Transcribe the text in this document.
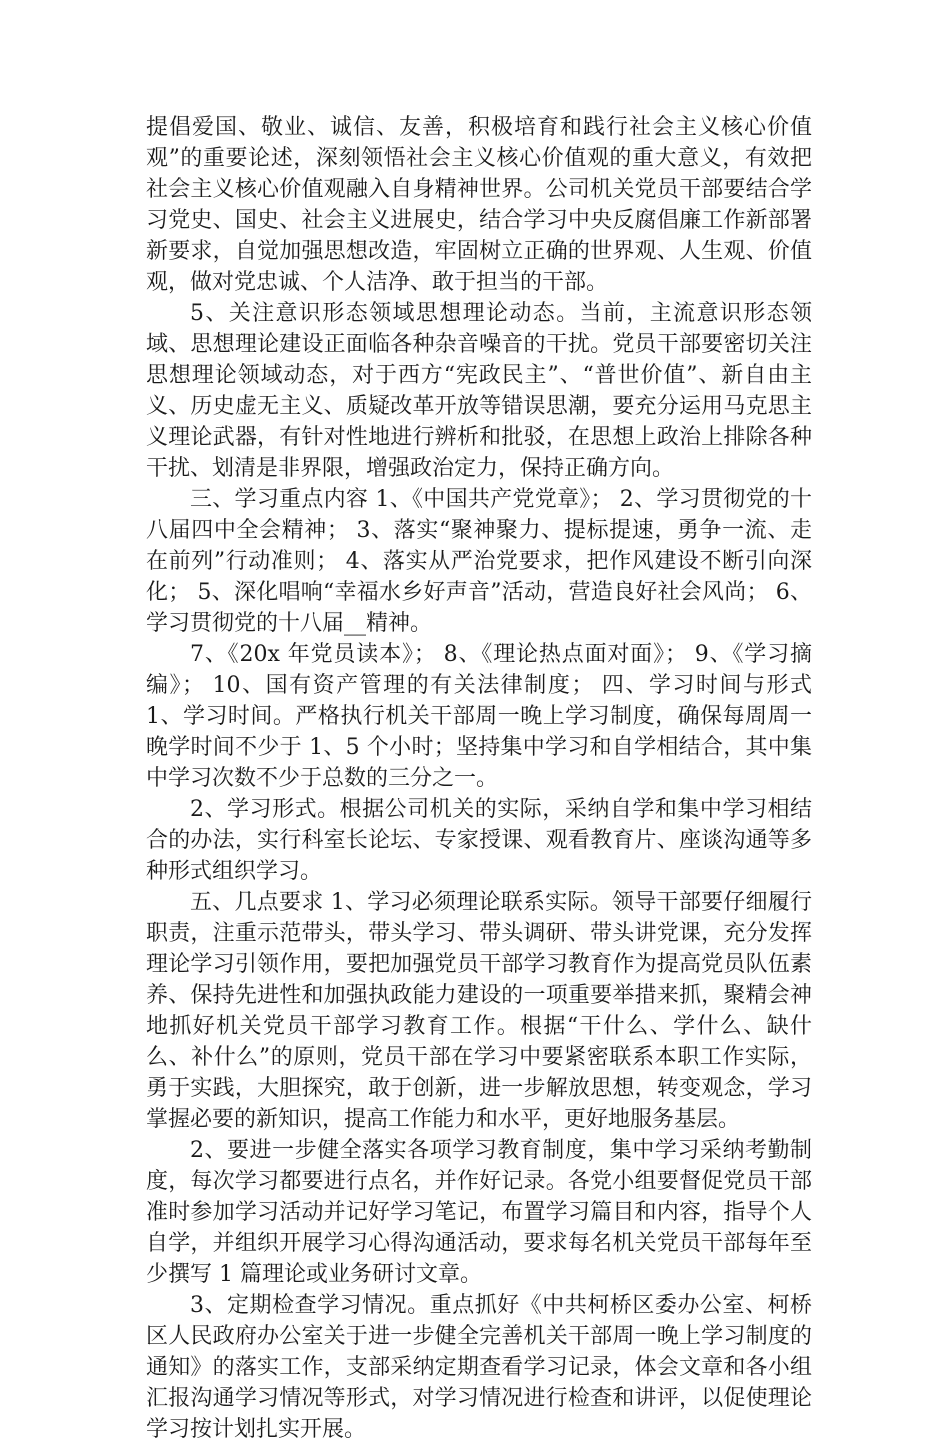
提倡爱国、敬业、诚信、友善，积极培育和践行社会主义核心价值观”的重要论述，深刻领悟社会主义核心价值观的重大意义，有效把社会主义核心价值观融入自身精神世界。公司机关党员干部要结合学习党史、国史、社会主义进展史，结合学习中央反腐倡廉工作新部署新要求，自觉加强思想改造，牢固树立正确的世界观、人生观、价值观，做对党忠诚、个人洁净、敢于担当的干部。

5、关注意识形态领域思想理论动态。当前，主流意识形态领域、思想理论建设正面临各种杂音噪音的干扰。党员干部要密切关注思想理论领域动态，对于西方“宪政民主”、“普世价值”、新自由主义、历史虚无主义、质疑改革开放等错误思潮，要充分运用马克思主义理论武器，有针对性地进行辨析和批驳，在思想上政治上排除各种干扰、划清是非界限，增强政治定力，保持正确方向。

三、学习重点内容 1、《中国共产党党章》； 2、学习贯彻党的十八届四中全会精神； 3、落实“聚神聚力、提标提速，勇争一流、走在前列”行动准则； 4、落实从严治党要求，把作风建设不断引向深化； 5、深化唱响“幸福水乡好声音”活动，营造良好社会风尚； 6、学习贯彻党的十八届__精神。

7、《20x 年党员读本》； 8、《理论热点面对面》； 9、《学习摘编》； 10、国有资产管理的有关法律制度； 四、学习时间与形式 1、学习时间。严格执行机关干部周一晚上学习制度，确保每周周一晚学时间不少于 1、5 个小时；坚持集中学习和自学相结合，其中集中学习次数不少于总数的三分之一。

2、学习形式。根据公司机关的实际，采纳自学和集中学习相结合的办法，实行科室长论坛、专家授课、观看教育片、座谈沟通等多种形式组织学习。

五、几点要求 1、学习必须理论联系实际。领导干部要仔细履行职责，注重示范带头，带头学习、带头调研、带头讲党课，充分发挥理论学习引领作用，要把加强党员干部学习教育作为提高党员队伍素养、保持先进性和加强执政能力建设的一项重要举措来抓，聚精会神地抓好机关党员干部学习教育工作。根据“干什么、学什么、缺什么、补什么”的原则，党员干部在学习中要紧密联系本职工作实际，勇于实践，大胆探究，敢于创新，进一步解放思想，转变观念，学习掌握必要的新知识，提高工作能力和水平，更好地服务基层。

2、要进一步健全落实各项学习教育制度，集中学习采纳考勤制度，每次学习都要进行点名，并作好记录。各党小组要督促党员干部准时参加学习活动并记好学习笔记，布置学习篇目和内容，指导个人自学，并组织开展学习心得沟通活动，要求每名机关党员干部每年至少撰写 1 篇理论或业务研讨文章。

3、定期检查学习情况。重点抓好《中共柯桥区委办公室、柯桥区人民政府办公室关于进一步健全完善机关干部周一晚上学习制度的通知》的落实工作，支部采纳定期查看学习记录，体会文章和各小组汇报沟通学习情况等形式，对学习情况进行检查和讲评，以促使理论学习按计划扎实开展。
